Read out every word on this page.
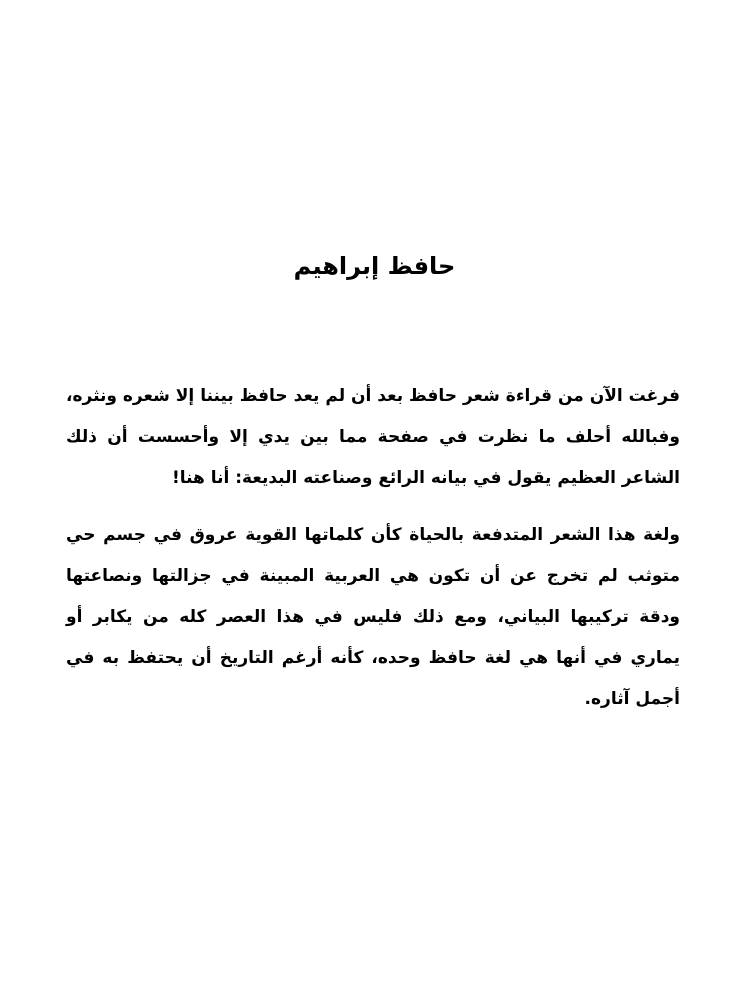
حافظ إبراهيم

فرغت الآن من قراءة شعر حافظ بعد أن لم يعد حافظ بيننا إلا شعره ونثره، وفبالله أحلف ما نظرت في صفحة مما بين يدي إلا وأحسست أن ذلك الشاعر العظيم يقول في بيانه الرائع وصناعته البديعة: أنا هنا!

ولغة هذا الشعر المتدفعة بالحياة كأن كلماتها القوية عروق في جسم حي متوثب لم تخرج عن أن تكون هي العربية المبينة في جزالتها ونصاعتها ودقة تركيبها البياني، ومع ذلك فليس في هذا العصر كله من يكابر أو يماري في أنها هي لغة حافظ وحده، كأنه أرغم التاريخ أن يحتفظ به في أجمل آثاره.
